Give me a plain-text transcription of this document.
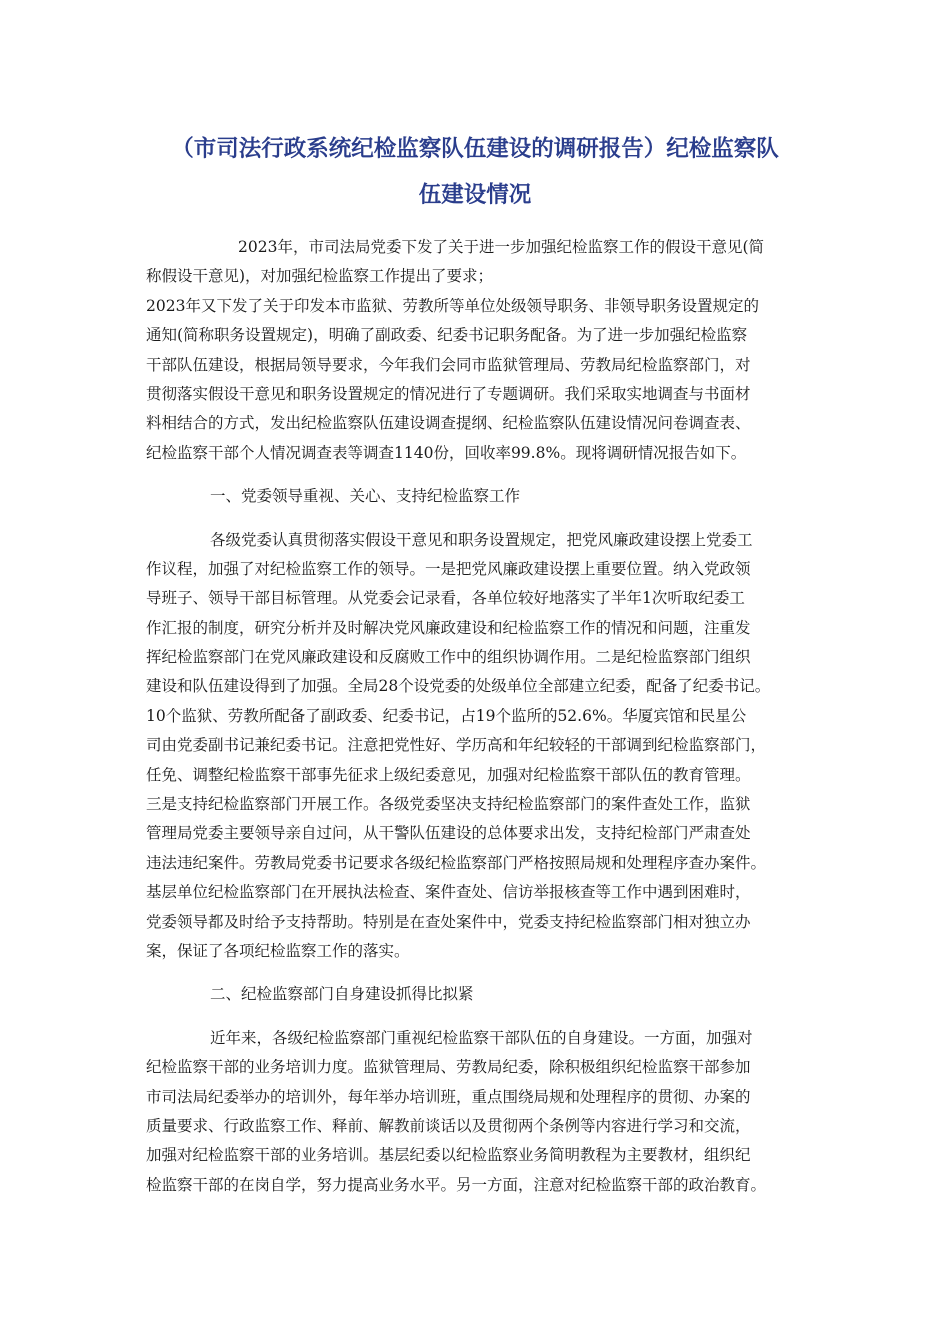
（市司法行政系统纪检监察队伍建设的调研报告）纪检监察队
伍建设情况
2023年，市司法局党委下发了关于进一步加强纪检监察工作的假设干意见(简
称假设干意见)，对加强纪检监察工作提出了要求；
2023年又下发了关于印发本市监狱、劳教所等单位处级领导职务、非领导职务设置规定的
通知(简称职务设置规定)，明确了副政委、纪委书记职务配备。为了进一步加强纪检监察
干部队伍建设，根据局领导要求，今年我们会同市监狱管理局、劳教局纪检监察部门，对
贯彻落实假设干意见和职务设置规定的情况进行了专题调研。我们采取实地调查与书面材
料相结合的方式，发出纪检监察队伍建设调查提纲、纪检监察队伍建设情况问卷调查表、
纪检监察干部个人情况调查表等调查1140份，回收率99.8%。现将调研情况报告如下。
一、党委领导重视、关心、支持纪检监察工作
各级党委认真贯彻落实假设干意见和职务设置规定，把党风廉政建设摆上党委工
作议程，加强了对纪检监察工作的领导。一是把党风廉政建设摆上重要位置。纳入党政领
导班子、领导干部目标管理。从党委会记录看，各单位较好地落实了半年1次听取纪委工
作汇报的制度，研究分析并及时解决党风廉政建设和纪检监察工作的情况和问题，注重发
挥纪检监察部门在党风廉政建设和反腐败工作中的组织协调作用。二是纪检监察部门组织
建设和队伍建设得到了加强。全局28个设党委的处级单位全部建立纪委，配备了纪委书记。
10个监狱、劳教所配备了副政委、纪委书记，占19个监所的52.6%。华厦宾馆和民星公
司由党委副书记兼纪委书记。注意把党性好、学历高和年纪较轻的干部调到纪检监察部门，
任免、调整纪检监察干部事先征求上级纪委意见，加强对纪检监察干部队伍的教育管理。
三是支持纪检监察部门开展工作。各级党委坚决支持纪检监察部门的案件查处工作，监狱
管理局党委主要领导亲自过问，从干警队伍建设的总体要求出发，支持纪检部门严肃查处
违法违纪案件。劳教局党委书记要求各级纪检监察部门严格按照局规和处理程序查办案件。
基层单位纪检监察部门在开展执法检查、案件查处、信访举报核查等工作中遇到困难时，
党委领导都及时给予支持帮助。特别是在查处案件中，党委支持纪检监察部门相对独立办
案，保证了各项纪检监察工作的落实。
二、纪检监察部门自身建设抓得比拟紧
近年来，各级纪检监察部门重视纪检监察干部队伍的自身建设。一方面，加强对
纪检监察干部的业务培训力度。监狱管理局、劳教局纪委，除积极组织纪检监察干部参加
市司法局纪委举办的培训外，每年举办培训班，重点围绕局规和处理程序的贯彻、办案的
质量要求、行政监察工作、释前、解教前谈话以及贯彻两个条例等内容进行学习和交流，
加强对纪检监察干部的业务培训。基层纪委以纪检监察业务简明教程为主要教材，组织纪
检监察干部的在岗自学，努力提高业务水平。另一方面，注意对纪检监察干部的政治教育。
